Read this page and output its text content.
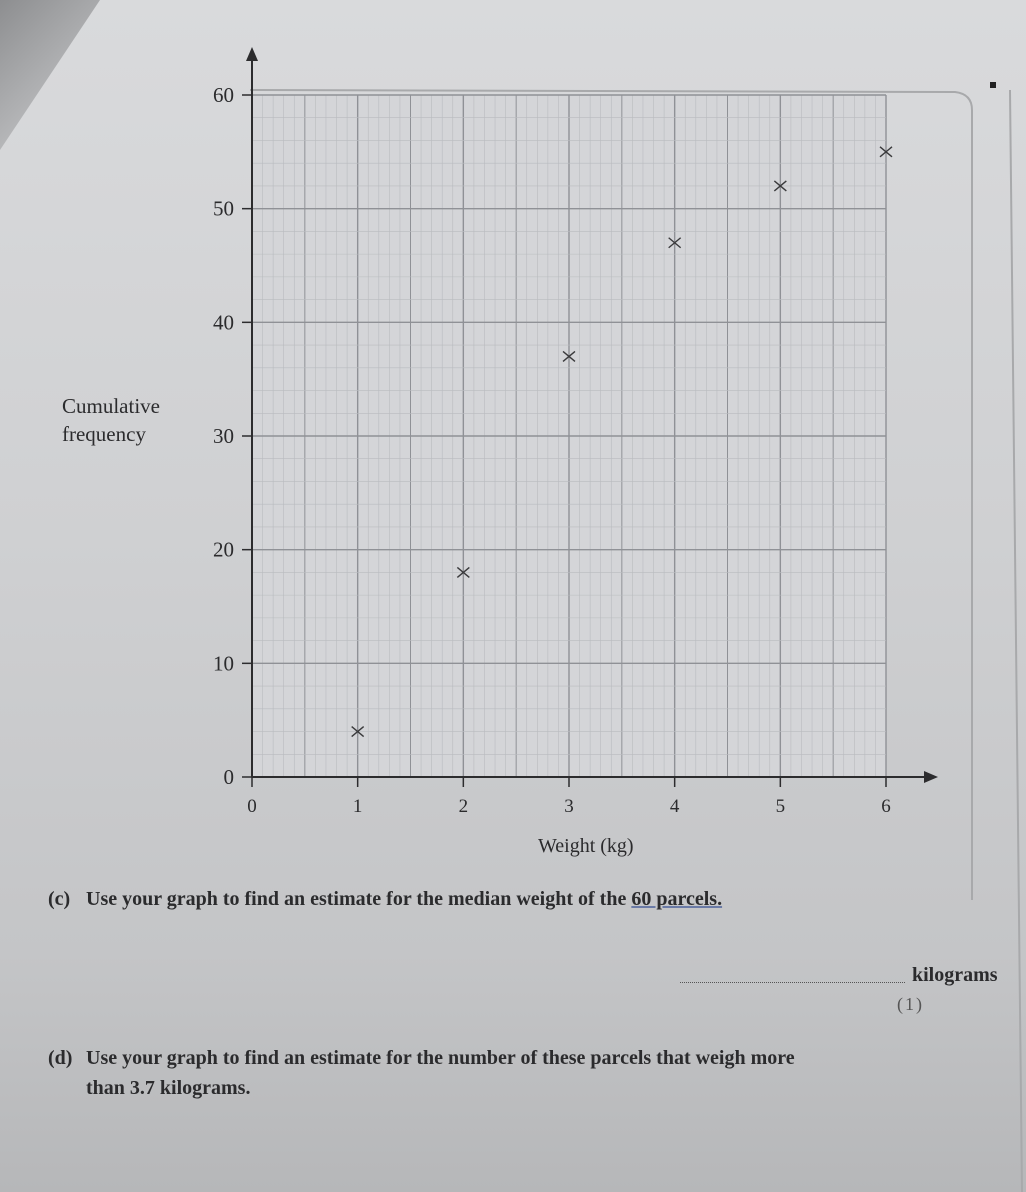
0
10
20
30
40
50
60
0	1	2	3	4	5	6
Cumulative
frequency
Weight (kg)
(c) Use your graph to find an estimate for the median weight of the 60 parcels.
kilograms
(1)
(d) Use your graph to find an estimate for the number of these parcels that weigh more
than 3.7 kilograms.
